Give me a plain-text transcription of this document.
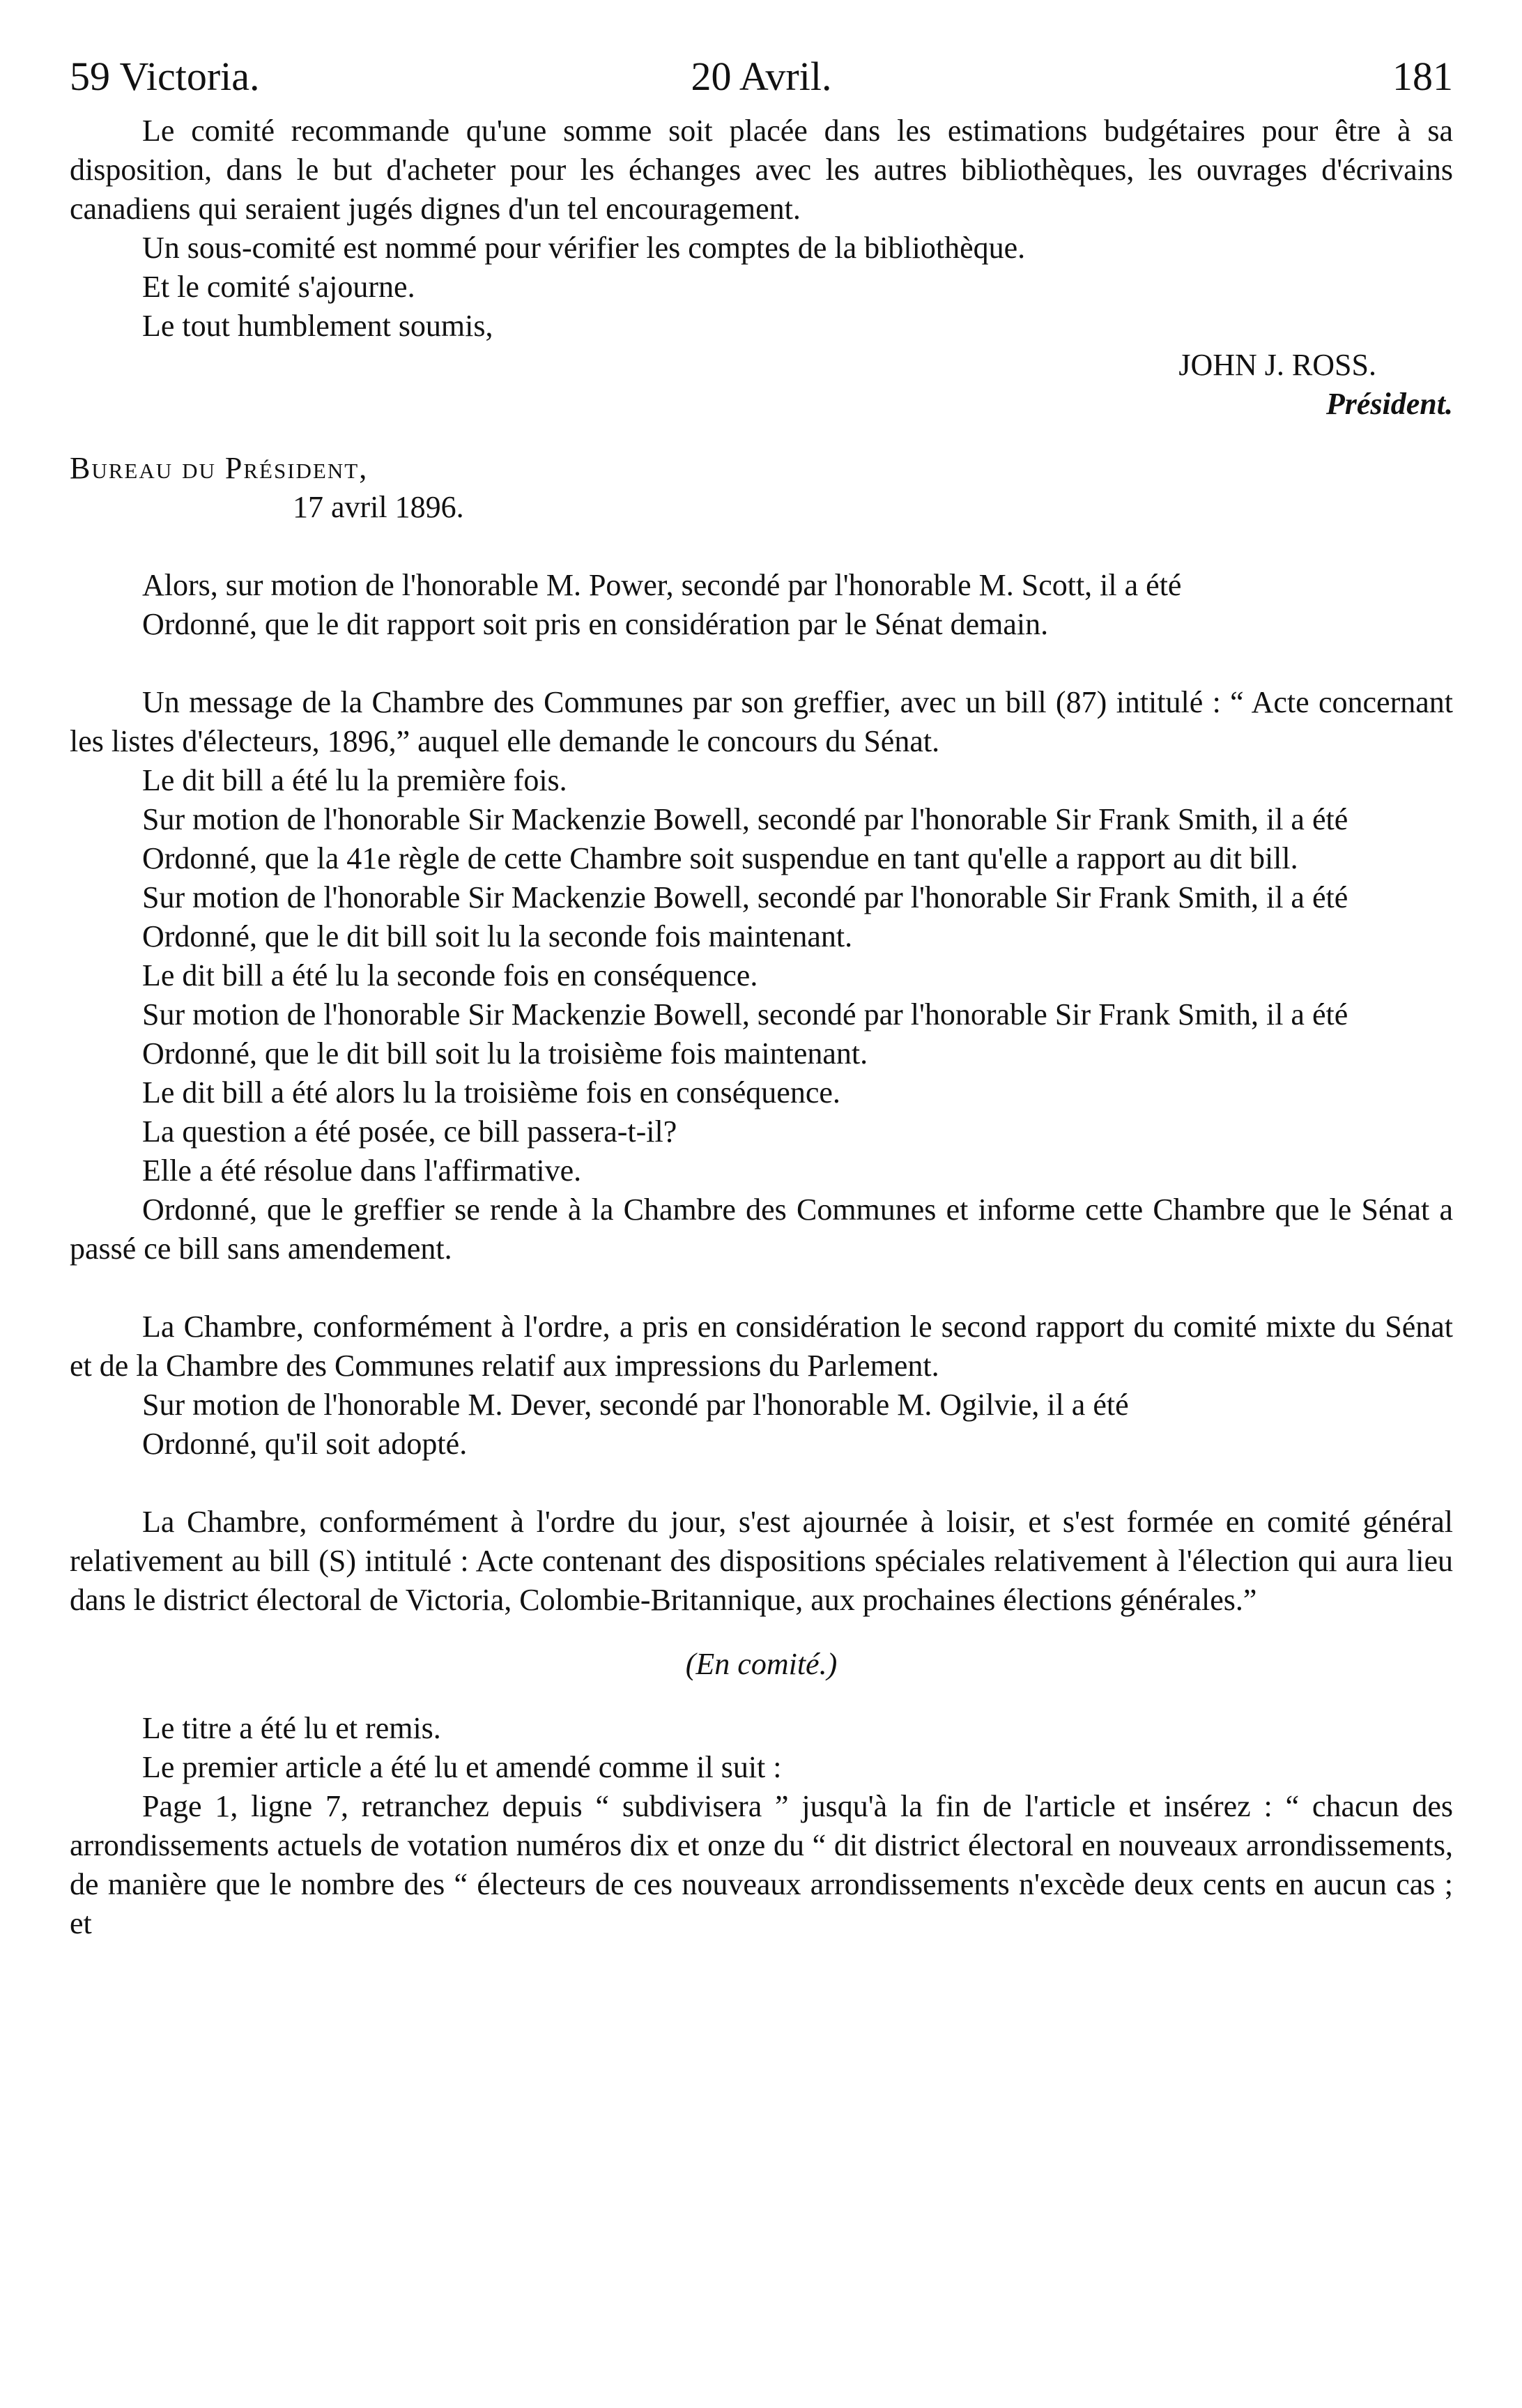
59 Victoria.	20 Avril.	181

Le comité recommande qu'une somme soit placée dans les estimations budgétaires pour être à sa disposition, dans le but d'acheter pour les échanges avec les autres bibliothèques, les ouvrages d'écrivains canadiens qui seraient jugés dignes d'un tel encouragement.

Un sous-comité est nommé pour vérifier les comptes de la bibliothèque.

Et le comité s'ajourne.

Le tout humblement soumis,

JOHN J. ROSS.

Président.

Bureau du Président,

17 avril 1896.

Alors, sur motion de l'honorable M. Power, secondé par l'honorable M. Scott, il a été

Ordonné, que le dit rapport soit pris en considération par le Sénat demain.

Un message de la Chambre des Communes par son greffier, avec un bill (87) intitulé : “ Acte concernant les listes d'électeurs, 1896,” auquel elle demande le concours du Sénat.

Le dit bill a été lu la première fois.

Sur motion de l'honorable Sir Mackenzie Bowell, secondé par l'honorable Sir Frank Smith, il a été

Ordonné, que la 41e règle de cette Chambre soit suspendue en tant qu'elle a rapport au dit bill.

Sur motion de l'honorable Sir Mackenzie Bowell, secondé par l'honorable Sir Frank Smith, il a été

Ordonné, que le dit bill soit lu la seconde fois maintenant.

Le dit bill a été lu la seconde fois en conséquence.

Sur motion de l'honorable Sir Mackenzie Bowell, secondé par l'honorable Sir Frank Smith, il a été

Ordonné, que le dit bill soit lu la troisième fois maintenant.

Le dit bill a été alors lu la troisième fois en conséquence.

La question a été posée, ce bill passera-t-il?

Elle a été résolue dans l'affirmative.

Ordonné, que le greffier se rende à la Chambre des Communes et informe cette Chambre que le Sénat a passé ce bill sans amendement.

La Chambre, conformément à l'ordre, a pris en considération le second rapport du comité mixte du Sénat et de la Chambre des Communes relatif aux impressions du Parlement.

Sur motion de l'honorable M. Dever, secondé par l'honorable M. Ogilvie, il a été

Ordonné, qu'il soit adopté.

La Chambre, conformément à l'ordre du jour, s'est ajournée à loisir, et s'est formée en comité général relativement au bill (S) intitulé : Acte contenant des dispositions spéciales relativement à l'élection qui aura lieu dans le district électoral de Victoria, Colombie-Britannique, aux prochaines élections générales.”

(En comité.)

Le titre a été lu et remis.

Le premier article a été lu et amendé comme il suit :

Page 1, ligne 7, retranchez depuis “ subdivisera ” jusqu'à la fin de l'article et insérez : “ chacun des arrondissements actuels de votation numéros dix et onze du “ dit district électoral en nouveaux arrondissements, de manière que le nombre des “ électeurs de ces nouveaux arrondissements n'excède deux cents en aucun cas ; et
